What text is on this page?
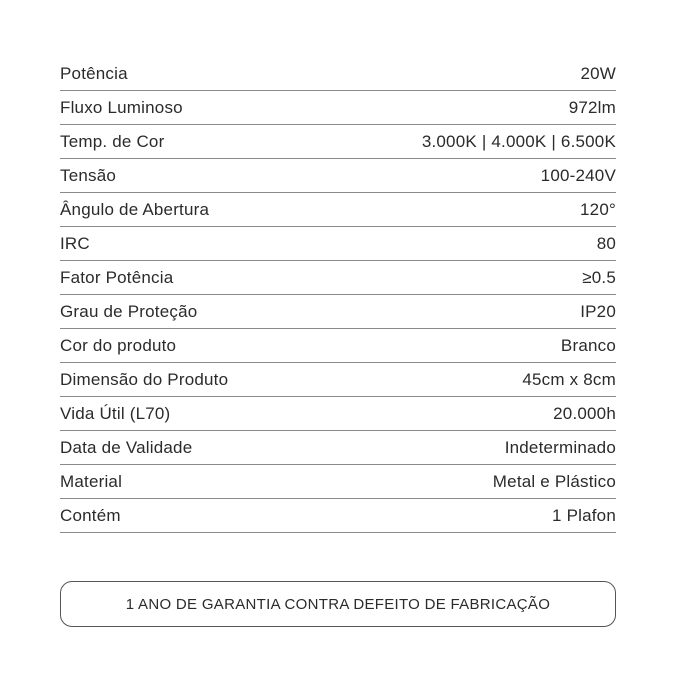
Potência	20W
Fluxo Luminoso	972lm
Temp. de Cor	3.000K | 4.000K | 6.500K
Tensão	100-240V
Ângulo de Abertura	120°
IRC	80
Fator Potência	≥0.5
Grau de Proteção	IP20
Cor do produto	Branco
Dimensão do Produto	45cm x 8cm
Vida Útil (L70)	20.000h
Data de Validade	Indeterminado
Material	Metal e Plástico
Contém	1 Plafon
1 ANO DE GARANTIA CONTRA DEFEITO DE FABRICAÇÃO
